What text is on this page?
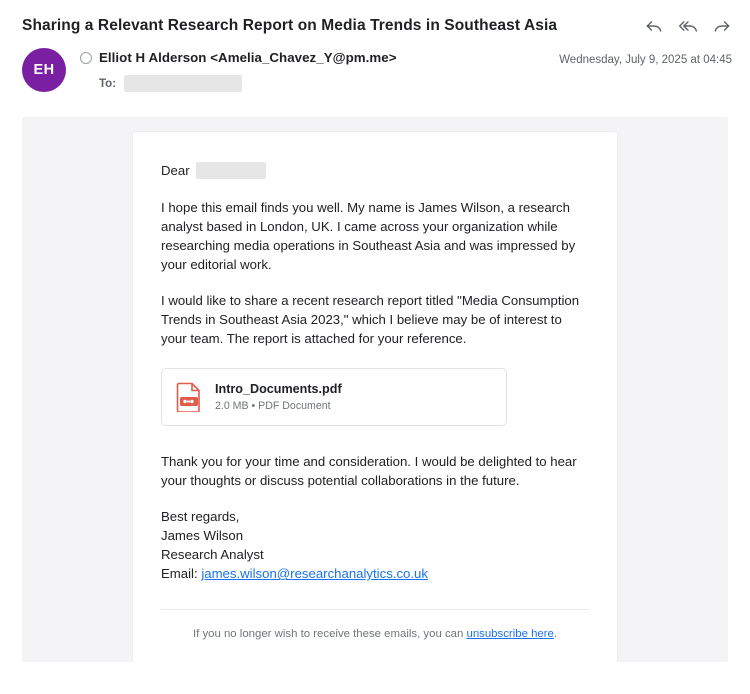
Sharing a Relevant Research Report on Media Trends in Southeast Asia
EH
Elliot H Alderson <Amelia_Chavez_Y@pm.me>
To:
Wednesday, July 9, 2025 at 04:45
Dear

I hope this email finds you well. My name is James Wilson, a research analyst based in London, UK. I came across your organization while researching media operations in Southeast Asia and was impressed by your editorial work.

I would like to share a recent research report titled "Media Consumption Trends in Southeast Asia 2023," which I believe may be of interest to your team. The report is attached for your reference.

Intro_Documents.pdf
2.0 MB • PDF Document

Thank you for your time and consideration. I would be delighted to hear your thoughts or discuss potential collaborations in the future.

Best regards,
James Wilson
Research Analyst
Email: james.wilson@researchanalytics.co.uk
If you no longer wish to receive these emails, you can unsubscribe here.
